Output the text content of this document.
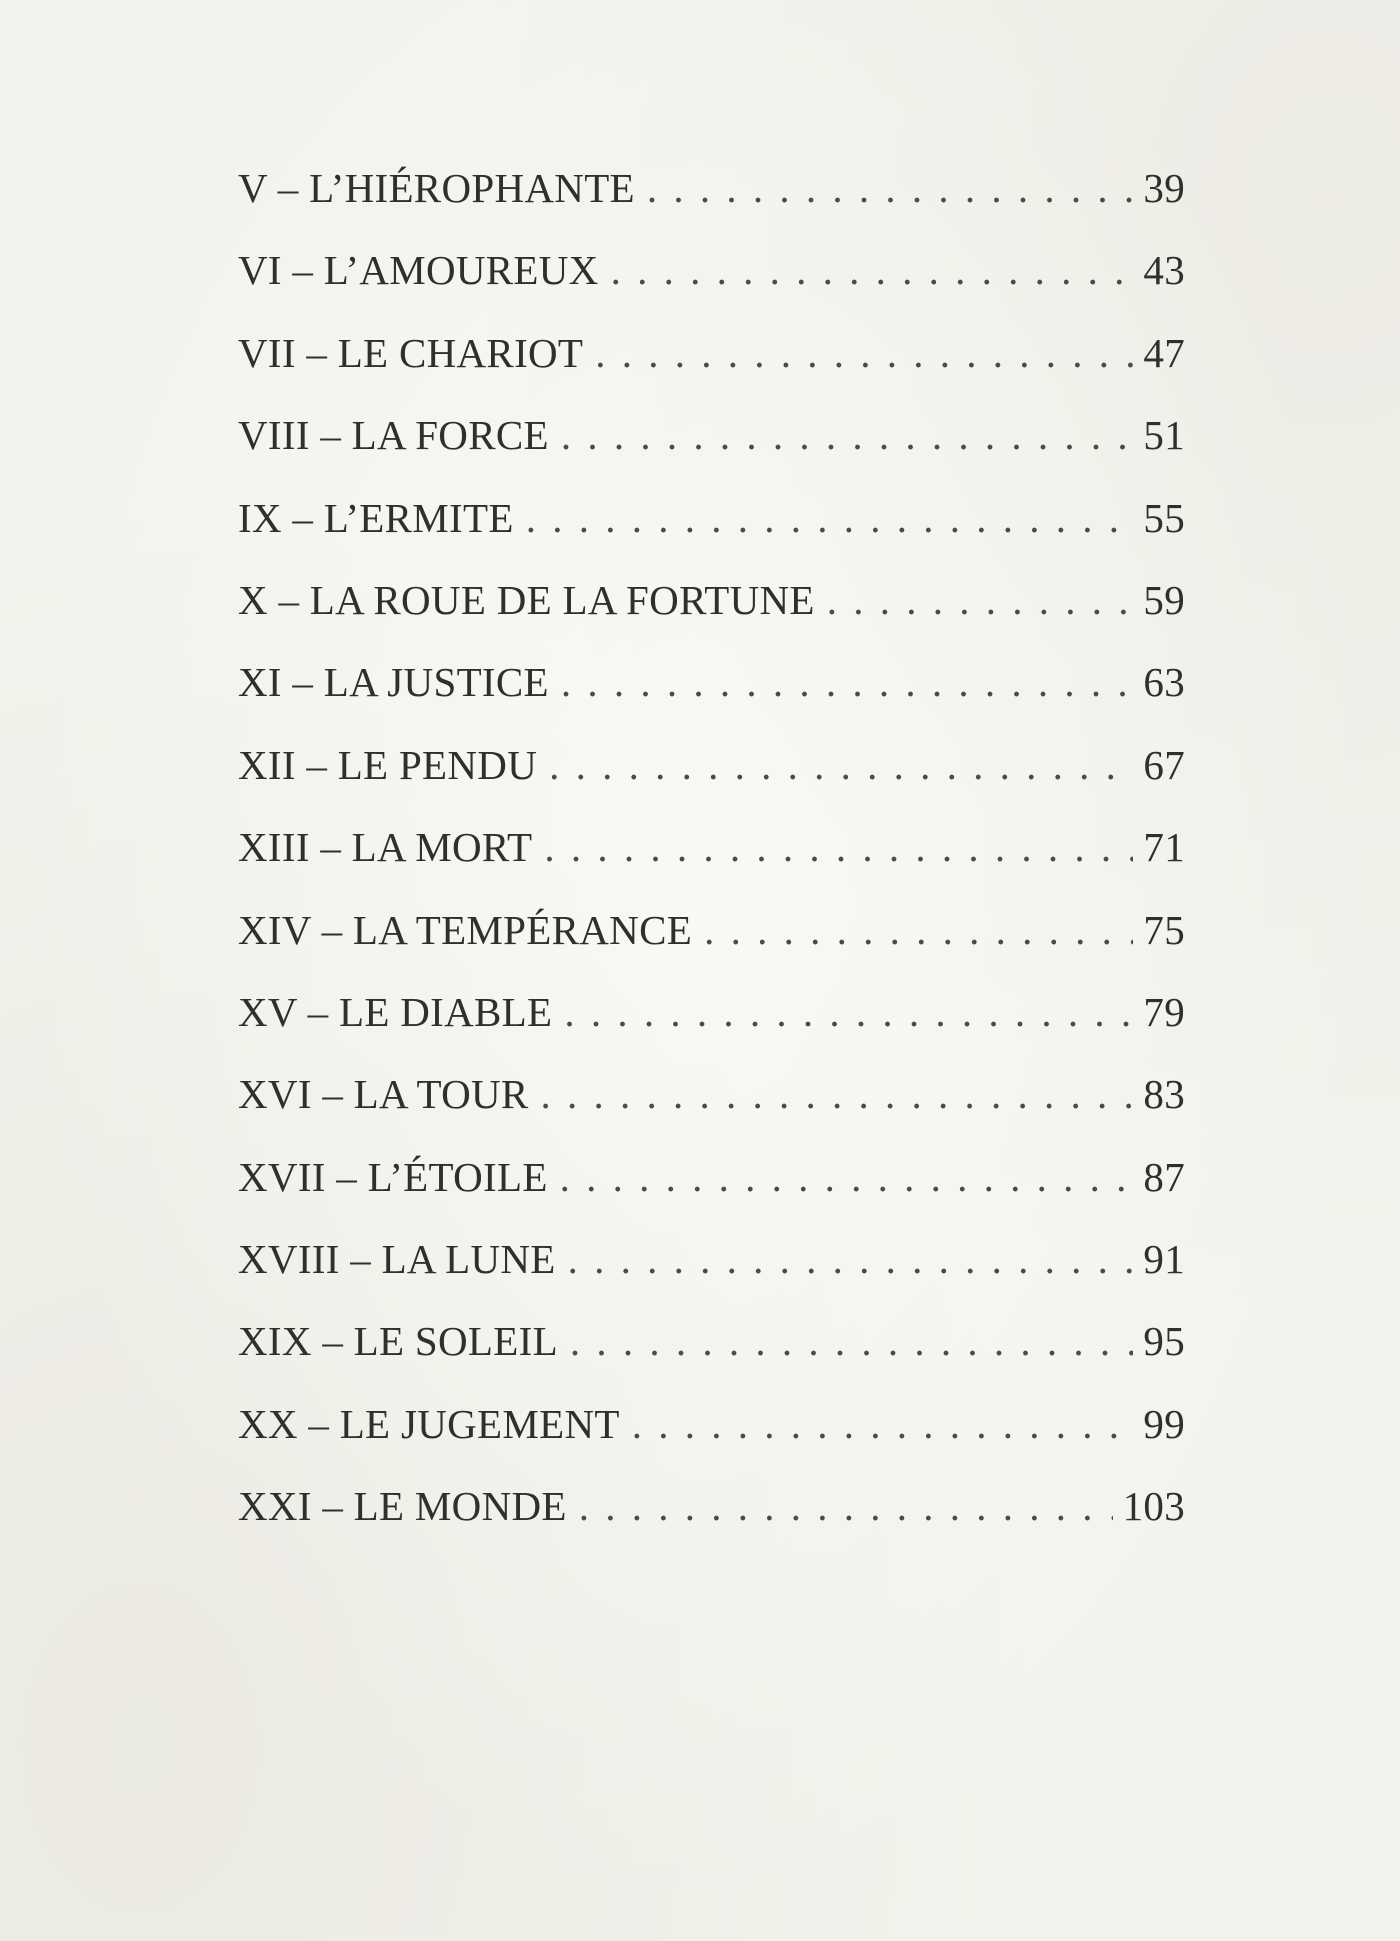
V – L’HIÉROPHANTE . . .	39
VI – L’AMOUREUX . . .	43
VII – LE CHARIOT . . .	47
VIII – LA FORCE . . .	51
IX – L’ERMITE . . .	55
X – LA ROUE DE LA FORTUNE . . .	59
XI – LA JUSTICE . . .	63
XII – LE PENDU . . .	67
XIII – LA MORT . . .	71
XIV – LA TEMPÉRANCE . . .	75
XV – LE DIABLE . . .	79
XVI – LA TOUR . . .	83
XVII – L’ÉTOILE . . .	87
XVIII – LA LUNE . . .	91
XIX – LE SOLEIL . . .	95
XX – LE JUGEMENT . . .	99
XXI – LE MONDE . . .	103
